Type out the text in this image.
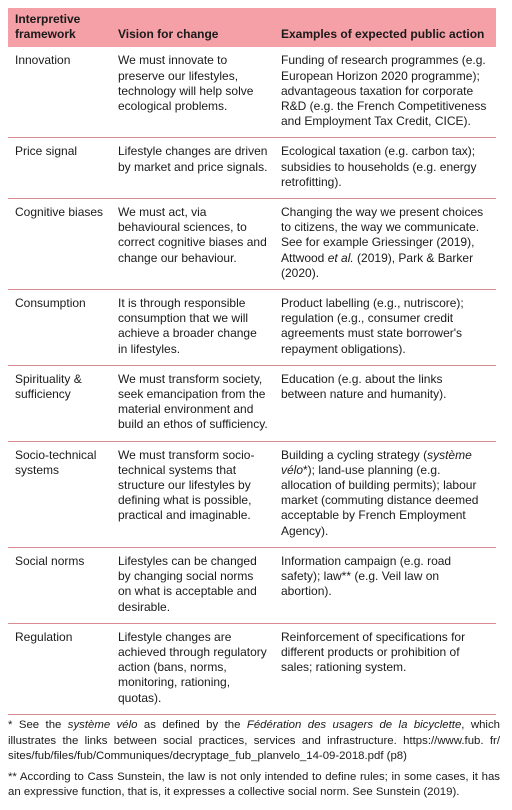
Interpretive framework	Vision for change	Examples of expected public action
Innovation	We must innovate to preserve our lifestyles, technology will help solve ecological problems.	Funding of research programmes (e.g. European Horizon 2020 programme); advantageous taxation for corporate R&D (e.g. the French Competitiveness and Employment Tax Credit, CICE).
Price signal	Lifestyle changes are driven by market and price signals.	Ecological taxation (e.g. carbon tax); subsidies to households (e.g. energy retrofitting).
Cognitive biases	We must act, via behavioural sciences, to correct cognitive biases and change our behaviour.	Changing the way we present choices to citizens, the way we communicate. See for example Griessinger (2019), Attwood et al. (2019), Park & Barker (2020).
Consumption	It is through responsible consumption that we will achieve a broader change in lifestyles.	Product labelling (e.g., nutriscore); regulation (e.g., consumer credit agreements must state borrower's repayment obligations).
Spirituality & sufficiency	We must transform society, seek emancipation from the material environment and build an ethos of sufficiency.	Education (e.g. about the links between nature and humanity).
Socio-technical systems	We must transform socio-technical systems that structure our lifestyles by defining what is possible, practical and imaginable.	Building a cycling strategy (système vélo*); land-use planning (e.g. allocation of building permits); labour market (commuting distance deemed acceptable by French Employment Agency).
Social norms	Lifestyles can be changed by changing social norms on what is acceptable and desirable.	Information campaign (e.g. road safety); law** (e.g. Veil law on abortion).
Regulation	Lifestyle changes are achieved through regulatory action (bans, norms, monitoring, rationing, quotas).	Reinforcement of specifications for different products or prohibition of sales; rationing system.

* See the système vélo as defined by the Fédération des usagers de la bicyclette, which illustrates the links between social practices, services and infrastructure. https://www.fub. fr/ sites/fub/files/fub/Communiques/decryptage_fub_planvelo_14-09-2018.pdf (p8)

** According to Cass Sunstein, the law is not only intended to define rules; in some cases, it has an expressive function, that is, it expresses a collective social norm. See Sunstein (2019).
